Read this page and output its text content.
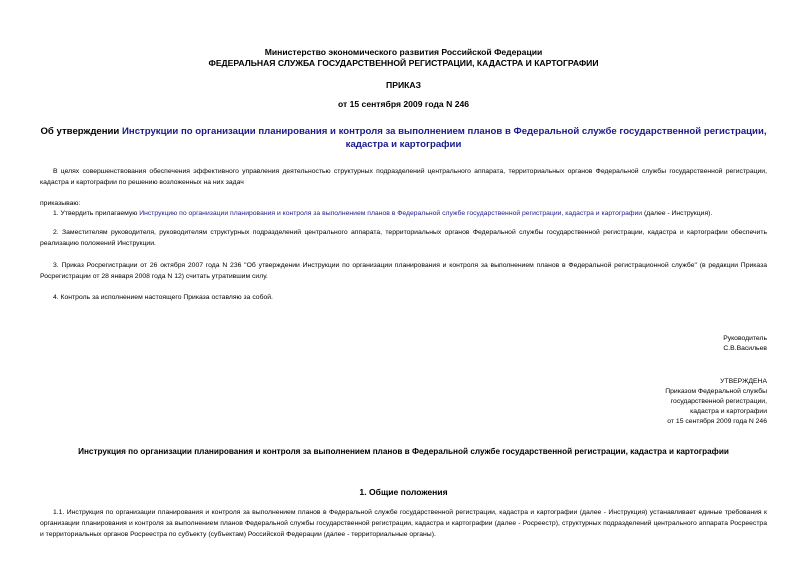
Министерство экономического развития Российской Федерации
ФЕДЕРАЛЬНАЯ СЛУЖБА ГОСУДАРСТВЕННОЙ РЕГИСТРАЦИИ, КАДАСТРА И КАРТОГРАФИИ
ПРИКАЗ
от 15 сентября 2009 года N 246
Об утверждении Инструкции по организации планирования и контроля за выполнением планов в Федеральной службе государственной регистрации, кадастра и картографии
В целях совершенствования обеспечения эффективного управления деятельностью структурных подразделений центрального аппарата, территориальных органов Федеральной службы государственной регистрации, кадастра и картографии по решению возложенных на них задач
приказываю:
1. Утвердить прилагаемую Инструкцию по организации планирования и контроля за выполнением планов в Федеральной службе государственной регистрации, кадастра и картографии (далее - Инструкция).
2. Заместителям руководителя, руководителям структурных подразделений центрального аппарата, территориальных органов Федеральной службы государственной регистрации, кадастра и картографии обеспечить реализацию положений Инструкции.
3. Приказ Росрегистрации от 26 октября 2007 года N 236 "Об утверждении Инструкции по организации планирования и контроля за выполнением планов в Федеральной регистрационной службе" (в редакции Приказа Росрегистрации от 28 января 2008 года N 12) считать утратившим силу.
4. Контроль за исполнением настоящего Приказа оставляю за собой.
Руководитель
С.В.Васильев
УТВЕРЖДЕНА
Приказом Федеральной службы
государственной регистрации,
кадастра и картографии
от 15 сентября 2009 года N 246
Инструкция по организации планирования и контроля за выполнением планов в Федеральной службе государственной регистрации, кадастра и картографии
1. Общие положения
1.1. Инструкция по организации планирования и контроля за выполнением планов в Федеральной службе государственной регистрации, кадастра и картографии (далее - Инструкция) устанавливает единые требования к организации планирования и контроля за выполнением планов Федеральной службы государственной регистрации, кадастра и картографии (далее - Росреестр), структурных подразделений центрального аппарата Росреестра и территориальных органов Росреестра по субъекту (субъектам) Российской Федерации (далее - территориальные органы).
